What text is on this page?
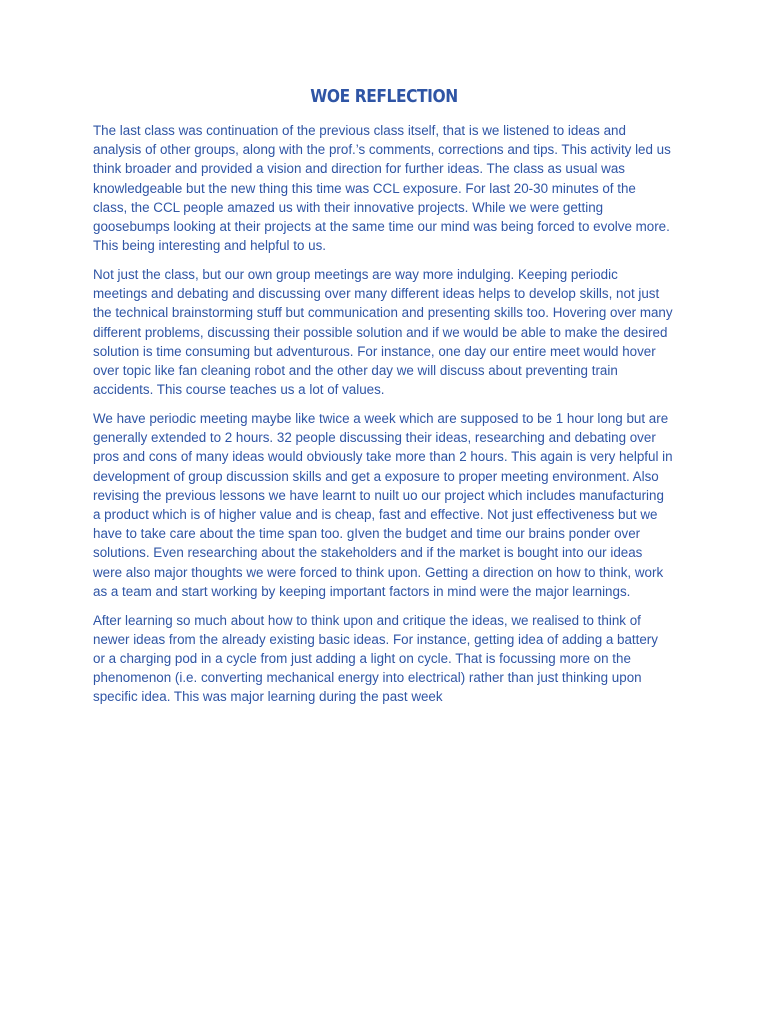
WOE REFLECTION

The last class was continuation of the previous class itself, that is we listened to ideas and analysis of other groups, along with the prof.’s comments, corrections and tips. This activity led us think broader and provided a vision and direction for further ideas. The class as usual was knowledgeable but the new thing this time was CCL exposure. For last 20-30 minutes of the class, the CCL people amazed us with their innovative projects. While we were getting goosebumps looking at their projects at the same time our mind was being forced to evolve more. This being interesting and helpful to us.

Not just the class, but our own group meetings are way more indulging. Keeping periodic meetings and debating and discussing over many different ideas helps to develop skills, not just the technical brainstorming stuff but communication and presenting skills too. Hovering over many different problems, discussing their possible solution and if we would be able to make the desired solution is time consuming but adventurous. For instance, one day our entire meet would hover over topic like fan cleaning robot and the other day we will discuss about preventing train accidents. This course teaches us a lot of values.

We have periodic meeting maybe like twice a week which are supposed to be 1 hour long but are generally extended to 2 hours. 32 people discussing their ideas, researching and debating over pros and cons of many ideas would obviously take more than 2 hours. This again is very helpful in development of group discussion skills and get a exposure to proper meeting environment. Also revising the previous lessons we have learnt to nuilt uo our project which includes manufacturing a product which is of higher value and is cheap, fast and effective. Not just effectiveness but we have to take care about the time span too. gIven the budget and time our brains ponder over solutions. Even researching about the stakeholders and if the market is bought into our ideas were also major thoughts we were forced to think upon. Getting a direction on how to think, work as a team and start working by keeping important factors in mind were the major learnings.

After learning so much about how to think upon and critique the ideas, we realised to think of newer ideas from the already existing basic ideas. For instance, getting idea of adding a battery or a charging pod in a cycle from just adding a light on cycle. That is focussing more on the phenomenon (i.e. converting mechanical energy into electrical) rather than just thinking upon specific idea. This was major learning during the past week
